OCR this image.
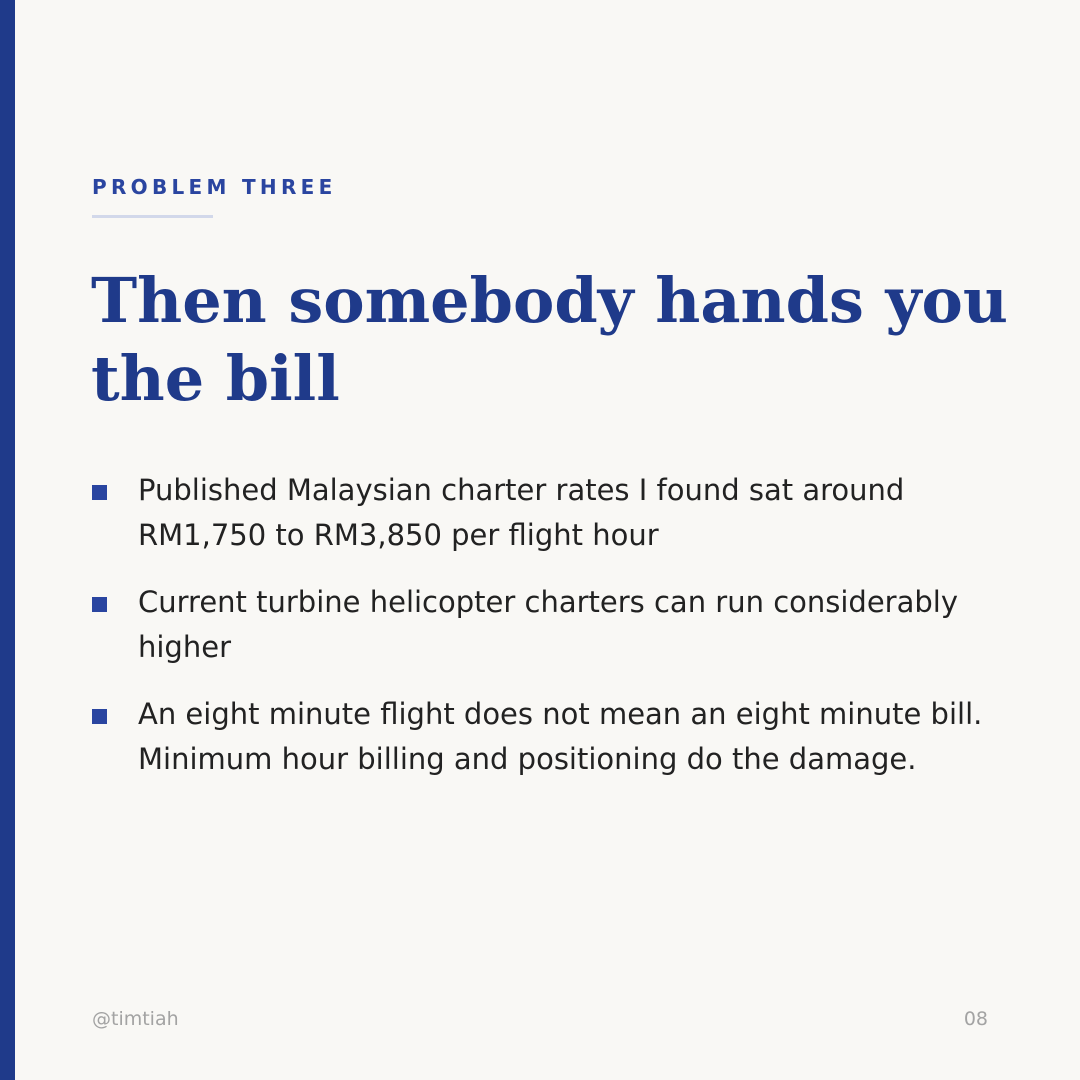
PROBLEM THREE

Then somebody hands you the bill
Published Malaysian charter rates I found sat around RM1,750 to RM3,850 per flight hour
Current turbine helicopter charters can run considerably higher
An eight minute flight does not mean an eight minute bill. Minimum hour billing and positioning do the damage.
@timtiah	08
